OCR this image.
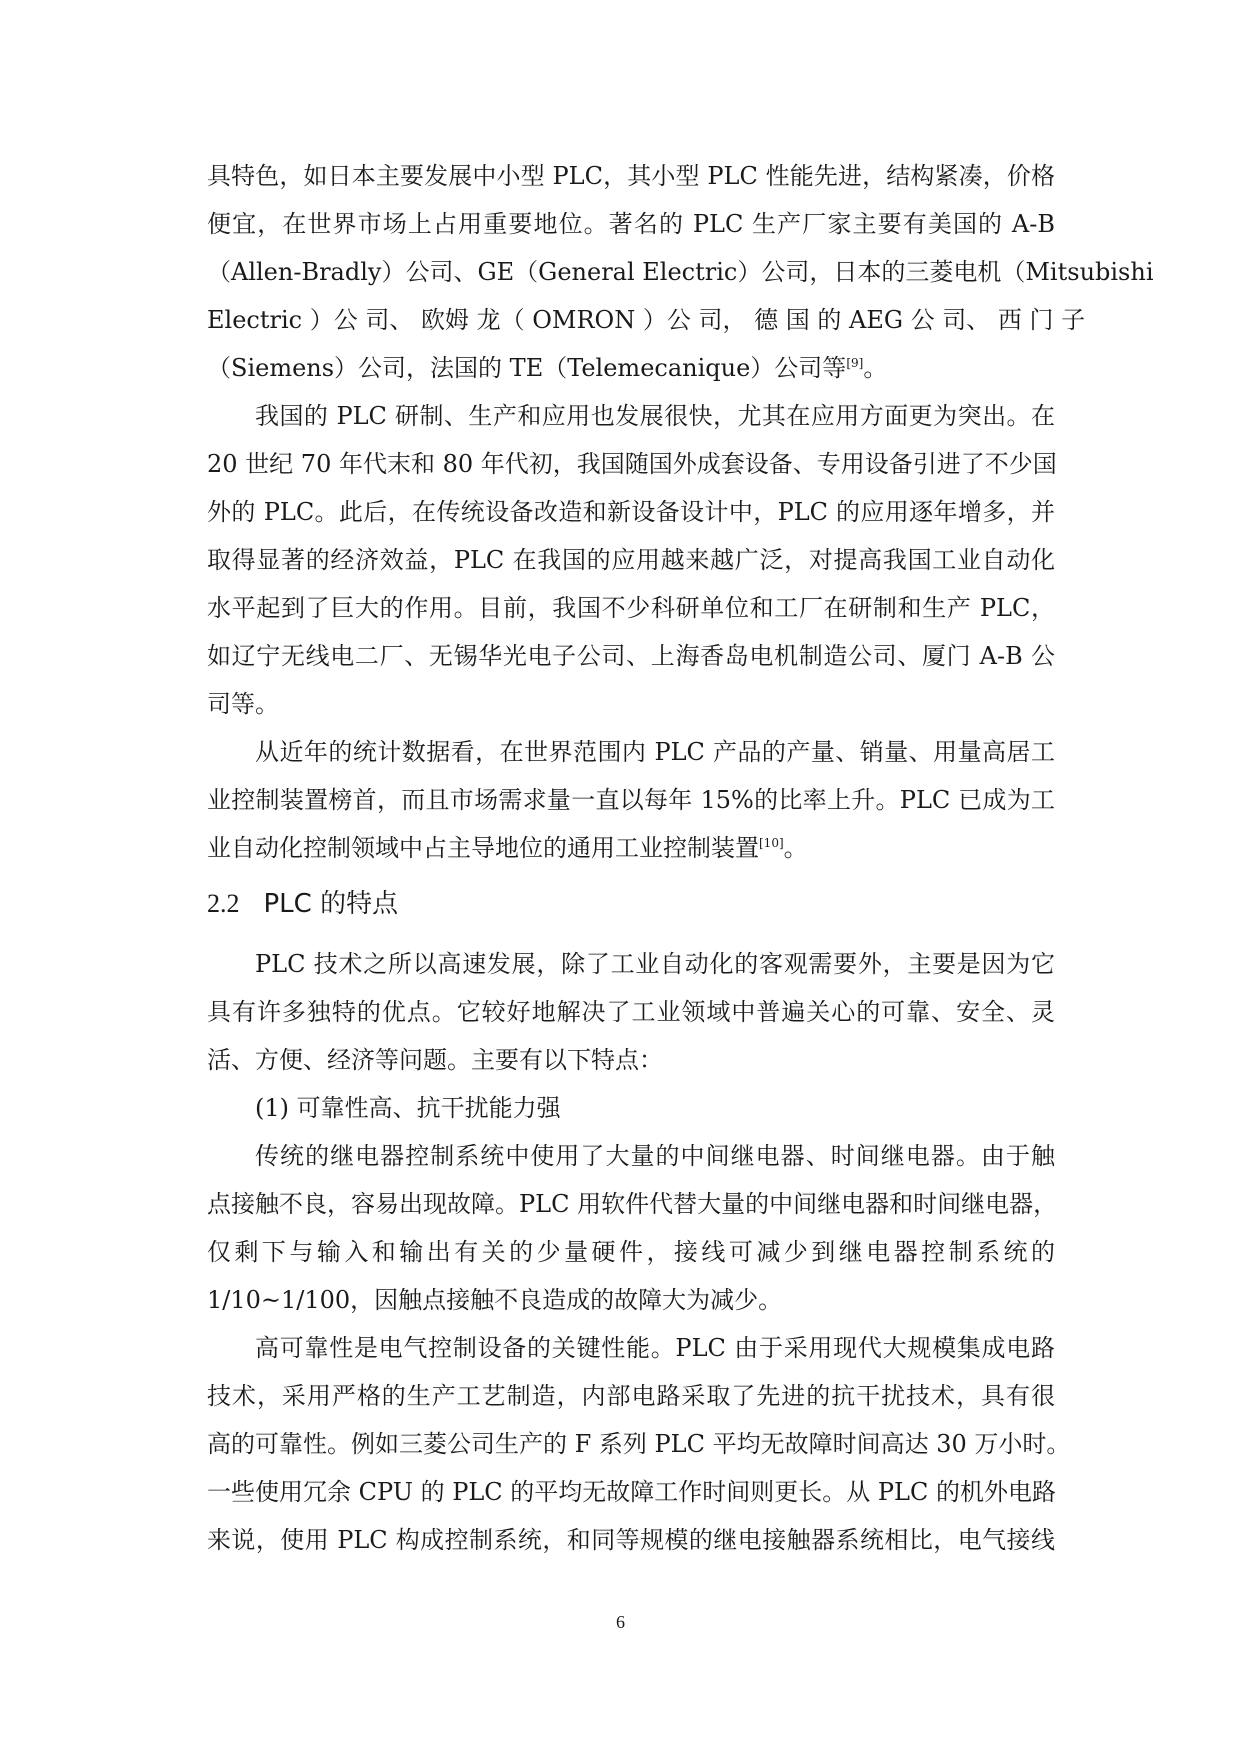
具特色，如日本主要发展中小型 PLC，其小型 PLC 性能先进，结构紧凑，价格
便宜，在世界市场上占用重要地位。著名的 PLC 生产厂家主要有美国的 A-B
（Allen-Bradly）公司、GE（General Electric）公司，日本的三菱电机（Mitsubishi
Electric ）公 司、 欧姆 龙（ OMRON ）公 司， 德 国 的 AEG 公 司、 西 门 子
（Siemens）公司，法国的 TE（Telemecanique）公司等[9]。
我国的 PLC 研制、生产和应用也发展很快，尤其在应用方面更为突出。在
20 世纪 70 年代末和 80 年代初，我国随国外成套设备、专用设备引进了不少国
外的 PLC。此后，在传统设备改造和新设备设计中，PLC 的应用逐年增多，并
取得显著的经济效益，PLC 在我国的应用越来越广泛，对提高我国工业自动化
水平起到了巨大的作用。目前，我国不少科研单位和工厂在研制和生产 PLC，
如辽宁无线电二厂、无锡华光电子公司、上海香岛电机制造公司、厦门 A-B 公
司等。
从近年的统计数据看，在世界范围内 PLC 产品的产量、销量、用量高居工
业控制装置榜首，而且市场需求量一直以每年 15%的比率上升。PLC 已成为工
业自动化控制领域中占主导地位的通用工业控制装置[10]。
2.2 PLC 的特点
PLC 技术之所以高速发展，除了工业自动化的客观需要外，主要是因为它
具有许多独特的优点。它较好地解决了工业领域中普遍关心的可靠、安全、灵
活、方便、经济等问题。主要有以下特点：
(1) 可靠性高、抗干扰能力强
传统的继电器控制系统中使用了大量的中间继电器、时间继电器。由于触
点接触不良，容易出现故障。PLC 用软件代替大量的中间继电器和时间继电器，
仅剩下与输入和输出有关的少量硬件，接线可减少到继电器控制系统的
1/10~1/100，因触点接触不良造成的故障大为减少。
高可靠性是电气控制设备的关键性能。PLC 由于采用现代大规模集成电路
技术，采用严格的生产工艺制造，内部电路采取了先进的抗干扰技术，具有很
高的可靠性。例如三菱公司生产的 F 系列 PLC 平均无故障时间高达 30 万小时。
一些使用冗余 CPU 的 PLC 的平均无故障工作时间则更长。从 PLC 的机外电路
来说，使用 PLC 构成控制系统，和同等规模的继电接触器系统相比，电气接线
6
